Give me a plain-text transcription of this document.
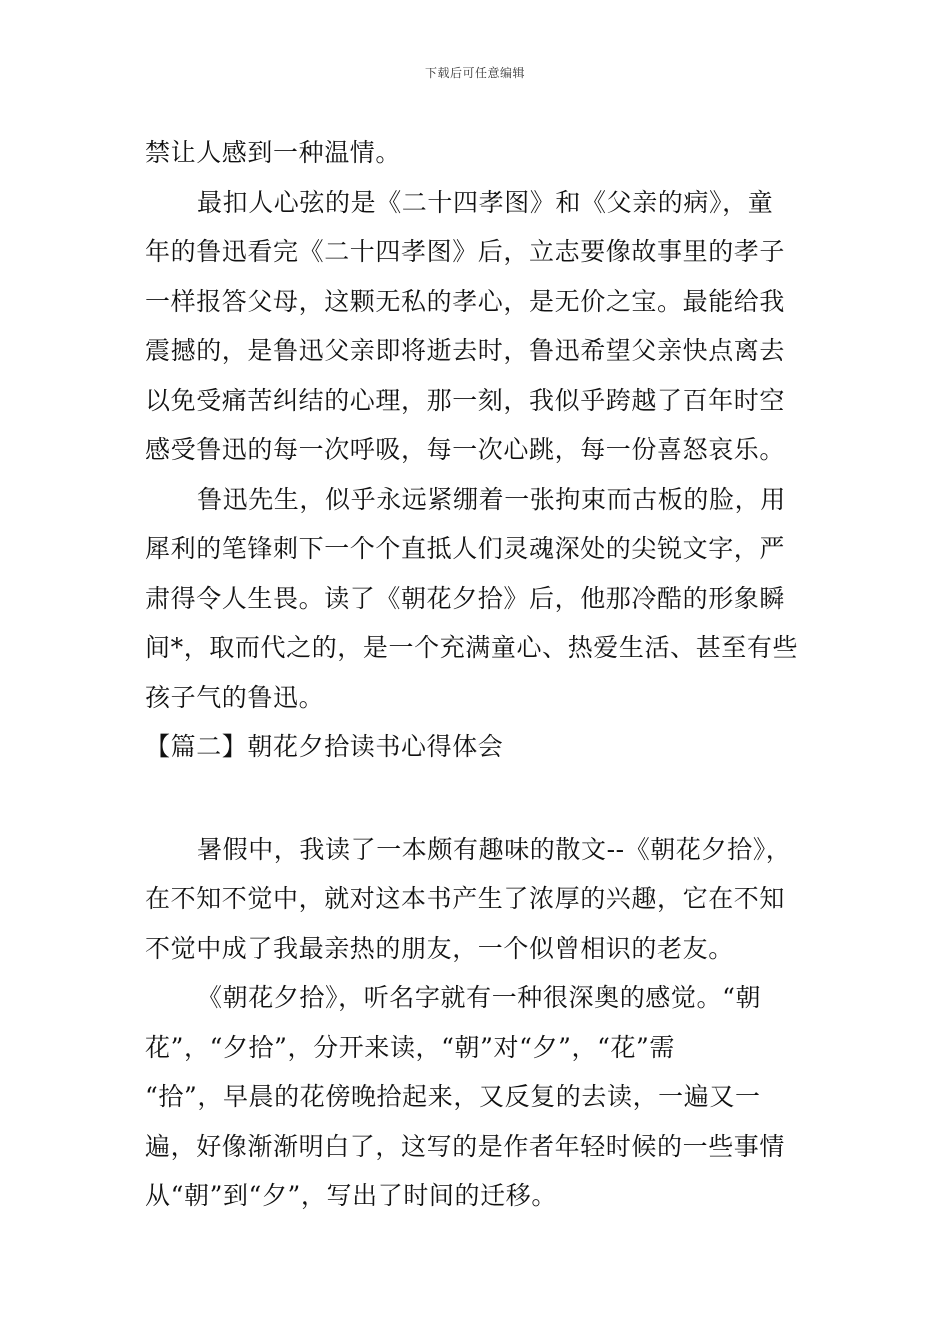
下载后可任意编辑
禁让人感到一种温情。
最扣人心弦的是《二十四孝图》和《父亲的病》，童
年的鲁迅看完《二十四孝图》后，立志要像故事里的孝子
一样报答父母，这颗无私的孝心，是无价之宝。最能给我
震撼的，是鲁迅父亲即将逝去时，鲁迅希望父亲快点离去
以免受痛苦纠结的心理，那一刻，我似乎跨越了百年时空
感受鲁迅的每一次呼吸，每一次心跳，每一份喜怒哀乐。
鲁迅先生，似乎永远紧绷着一张拘束而古板的脸，用
犀利的笔锋刺下一个个直抵人们灵魂深处的尖锐文字，严
肃得令人生畏。读了《朝花夕拾》后，他那冷酷的形象瞬
间*，取而代之的，是一个充满童心、热爱生活、甚至有些
孩子气的鲁迅。
【篇二】朝花夕拾读书心得体会
暑假中，我读了一本颇有趣味的散文--《朝花夕拾》，
在不知不觉中，就对这本书产生了浓厚的兴趣，它在不知
不觉中成了我最亲热的朋友，一个似曾相识的老友。
《朝花夕拾》，听名字就有一种很深奥的感觉。“朝
花”，“夕拾”，分开来读，“朝”对“夕”，“花”需
“拾”，早晨的花傍晚拾起来，又反复的去读，一遍又一
遍，好像渐渐明白了，这写的是作者年轻时候的一些事情
从“朝”到“夕”，写出了时间的迁移。
